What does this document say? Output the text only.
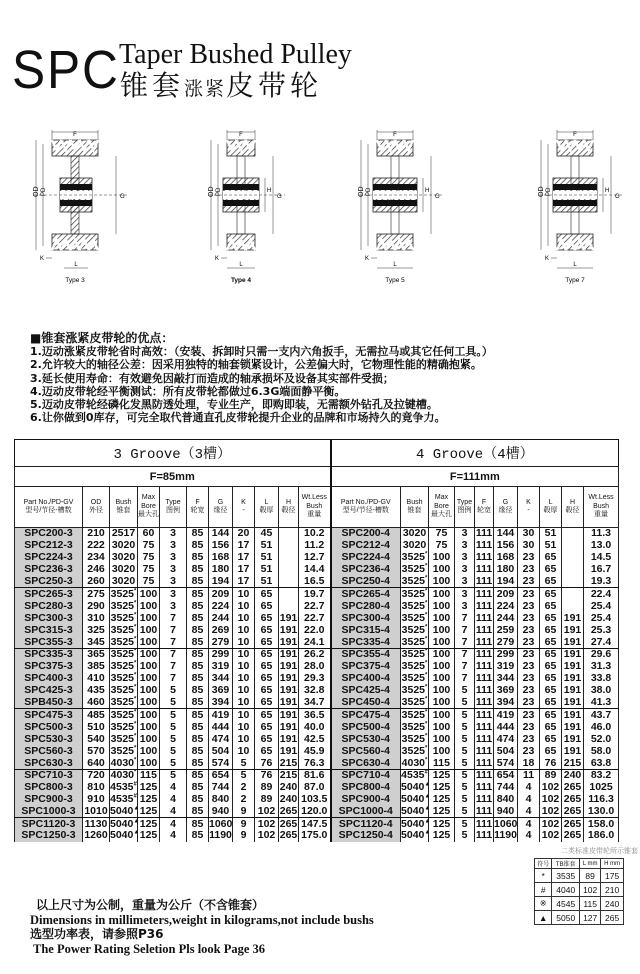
SPC Taper Bushed Pulley
锥套涨紧皮带轮
F
OD PD
G
K
L
Type 3
F
OD PD
G
H
K
L
Type 4
F
OD PD
G
H
K
L
Type 5
F
OD PD
G
H
K
L
Type 7
■锥套涨紧皮带轮的优点：
1.迈动涨紧皮带轮省时高效：（安装、拆卸时只需一支内六角扳手，无需拉马或其它任何工具。）
2.允许较大的轴径公差：因采用独特的轴套锁紧设计，公差偏大时，它物理性能的精确抱紧。
3.延长使用寿命：有效避免因敲打而造成的轴承损坏及设备其实部件受损；
4.迈动皮带轮经平衡测试：所有皮带轮都做过6.3G端面静平衡。
5.迈动皮带轮经磷化发黑防透处理，专业生产，即购即装，无需额外钻孔及拉键槽。
6.让你做到0库存，可完全取代普通直孔皮带轮提升企业的品牌和市场持久的竟争力。
3 Groove（3槽）											4 Groove（4槽）									
F=85mm											F=111mm									
Part No./PD-GV
型号/节径-槽数	OD
外径	Bush
锥套	Max
Bore
最大孔	Type
图例	F
轮宽	G
缘径	K
-	L
毂厚	H
毂径	Wt.Less
Bush
重量	Part No./PD-GV
型号/节径-槽数	Bush
锥套	Max
Bore
最大孔	Type
图例	F
轮宽	G
缘径	K
-	L
毂厚	H
毂径	Wt.Less
Bush
重量
SPC200-3	210	2517	60	3	85	144	20	45		10.2	SPC200-4	3020	75	3	111	144	30	51		11.3
SPC212-3	222	3020	75	3	85	156	17	51		11.2	SPC212-4	3020	75	3	111	156	30	51		13.0
SPC224-3	234	3020	75	3	85	168	17	51		12.7	SPC224-4	3525*	100	3	111	168	23	65		14.5
SPC236-3	246	3020	75	3	85	180	17	51		14.4	SPC236-4	3525*	100	3	111	180	23	65		16.7
SPC250-3	260	3020	75	3	85	194	17	51		16.5	SPC250-4	3525*	100	3	111	194	23	65		19.3
SPC265-3	275	3525*	100	3	85	209	10	65		19.7	SPC265-4	3525*	100	3	111	209	23	65		22.4
SPC280-3	290	3525*	100	3	85	224	10	65		22.7	SPC280-4	3525*	100	3	111	224	23	65		25.4
SPC300-3	310	3525*	100	7	85	244	10	65	191	22.7	SPC300-4	3525*	100	7	111	244	23	65	191	25.4
SPC315-3	325	3525*	100	7	85	269	10	65	191	22.0	SPC315-4	3525*	100	7	111	259	23	65	191	25.3
SPC355-3	345	3525*	100	7	85	279	10	65	191	24.1	SPC335-4	3525*	100	7	111	279	23	65	191	27.4
SPC335-3	365	3525*	100	7	85	299	10	65	191	26.2	SPC355-4	3525*	100	7	111	299	23	65	191	29.6
SPC375-3	385	3525*	100	7	85	319	10	65	191	28.0	SPC375-4	3525*	100	7	111	319	23	65	191	31.3
SPC400-3	410	3525*	100	7	85	344	10	65	191	29.3	SPC400-4	3525*	100	7	111	344	23	65	191	33.8
SPC425-3	435	3525*	100	5	85	369	10	65	191	32.8	SPC425-4	3525*	100	5	111	369	23	65	191	38.0
SPB450-3	460	3525*	100	5	85	394	10	65	191	34.7	SPC450-4	3525*	100	5	111	394	23	65	191	41.3
SPC475-3	485	3525*	100	5	85	419	10	65	191	36.5	SPC475-4	3525*	100	5	111	419	23	65	191	43.7
SPC500-3	510	3525*	100	5	85	444	10	65	191	40.0	SPC500-4	3525*	100	5	111	444	23	65	191	46.0
SPC530-3	540	3525*	100	5	85	474	10	65	191	42.5	SPC530-4	3525*	100	5	111	474	23	65	191	52.0
SPC560-3	570	3525*	100	5	85	504	10	65	191	45.9	SPC560-4	3525*	100	5	111	504	23	65	191	58.0
SPC630-3	640	4030*	100	5	85	574	5	76	215	76.3	SPC630-4	4030*	115	5	111	574	18	76	215	63.8
SPC710-3	720	4030*	115	5	85	654	5	76	215	81.6	SPC710-4	4535#	125	5	111	654	11	89	240	83.2
SPC800-3	810	4535#	125	4	85	744	2	89	240	87.0	SPC800-4	5040▲	125	5	111	744	4	102	265	1025
SPC900-3	910	4535#	125	4	85	840	2	89	240	103.5	SPC900-4	5040▲	125	5	111	840	4	102	265	116.3
SPC1000-3	1010	5040▲	125	4	85	940	9	102	265	120.0	SPC1000-4	5040▲	125	5	111	940	4	102	265	130.0
SPC1120-3	1130	5040▲	125	4	85	1060	9	102	265	147.5	SPC1120-4	5040▲	125	5	111	1060	4	102	265	158.0
SPC1250-3	1260	5040▲	125	4	85	1190	9	102	265	175.0	SPC1250-4	5040▲	125	5	111	1190	4	102	265	186.0
二类标准皮带轮所示锥套
符号	TB锥套	L mm	H mm
*	3535	89	175
#	4040	102	210
※	4545	115	240
▲	5050	127	265
以上尺寸为公制，重量为公斤（不含锥套）
Dimensions in millimeters,weight in kilograms,not include bushs
选型功率表，请参照P36
The Power Rating Seletion Pls look Page 36
